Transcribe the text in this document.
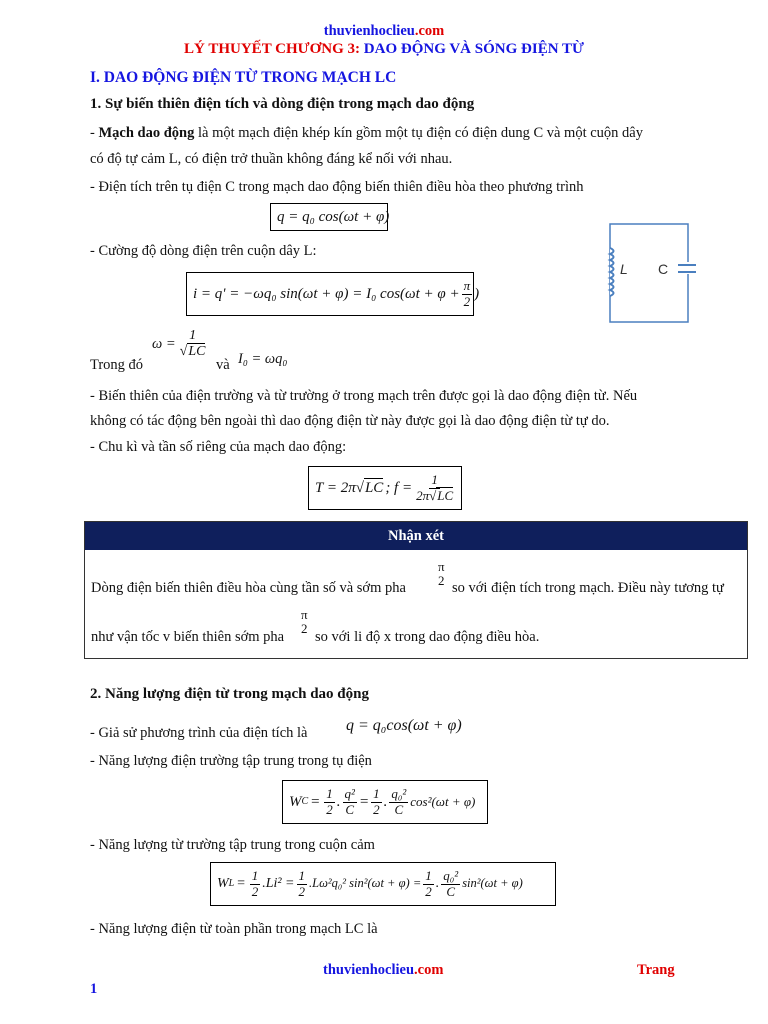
thuvienhoclieu.com
LÝ THUYẾT CHƯƠNG 3: DAO ĐỘNG VÀ SÓNG ĐIỆN TỪ
I. DAO ĐỘNG ĐIỆN TỪ TRONG MẠCH LC
1. Sự biến thiên điện tích và dòng điện trong mạch dao động
- Mạch dao động là một mạch điện khép kín gồm một tụ điện có điện dung C và một cuộn dây
có độ tự cảm L, có điện trở thuần không đáng kể nối với nhau.
- Điện tích trên tụ điện C trong mạch dao động biến thiên điều hòa theo phương trình
q = q₀ cos(ωt + φ)
- Cường độ dòng điện trên cuộn dây L:
i = q' = −ωq₀ sin(ωt + φ) = I₀ $\cos(\omega t + \varphi + \frac{\pi}{2}$ )
L C
Trong đó
ω = 1
√ LC
và I₀ = ωq₀
- Biến thiên của điện trường và từ trường ở trong mạch trên được gọi là dao động điện từ. Nếu
không có tác động bên ngoài thì dao động điện từ này được gọi là dao động điện từ tự do.
- Chu kì và tần số riêng của mạch dao động:
T = 2π √ LC ; $f = \frac{1}{2\pi √ LC}$
Nhận xét
Dòng điện biến thiên điều hòa cùng tần số và sớm pha
π
2 so với điện tích trong mạch. Điều này tương tự
như vận tốc v biến thiên sớm pha
π
2
so với li độ x trong dao động điều hòa.
2. Năng lượng điện từ trong mạch dao động
- Giả sử phương trình của điện tích là q = q₀cos(ωt + φ)
- Năng lượng điện trường tập trung trong tụ điện
W $C = \frac{1}{2}$ . $\frac{\text{q²}}{C} = \frac{1}{2}$ . $\frac{\text{q₀²}}{C} \cos^2(\omega t + \varphi)$
- Năng lượng từ trường tập trung trong cuộn cảm
W $L = \frac{1}{2} .Li^2 = \frac{1}{2} .L\omega^2q_0^2$ $\sin^2(\omega t + \varphi) = \frac{1}{2}$ . $\frac{\text{q₀²}}{C} \sin^2(\omega t + \varphi)$
- Năng lượng điện từ toàn phần trong mạch LC là
thuvienhoclieu.com	Trang
1
